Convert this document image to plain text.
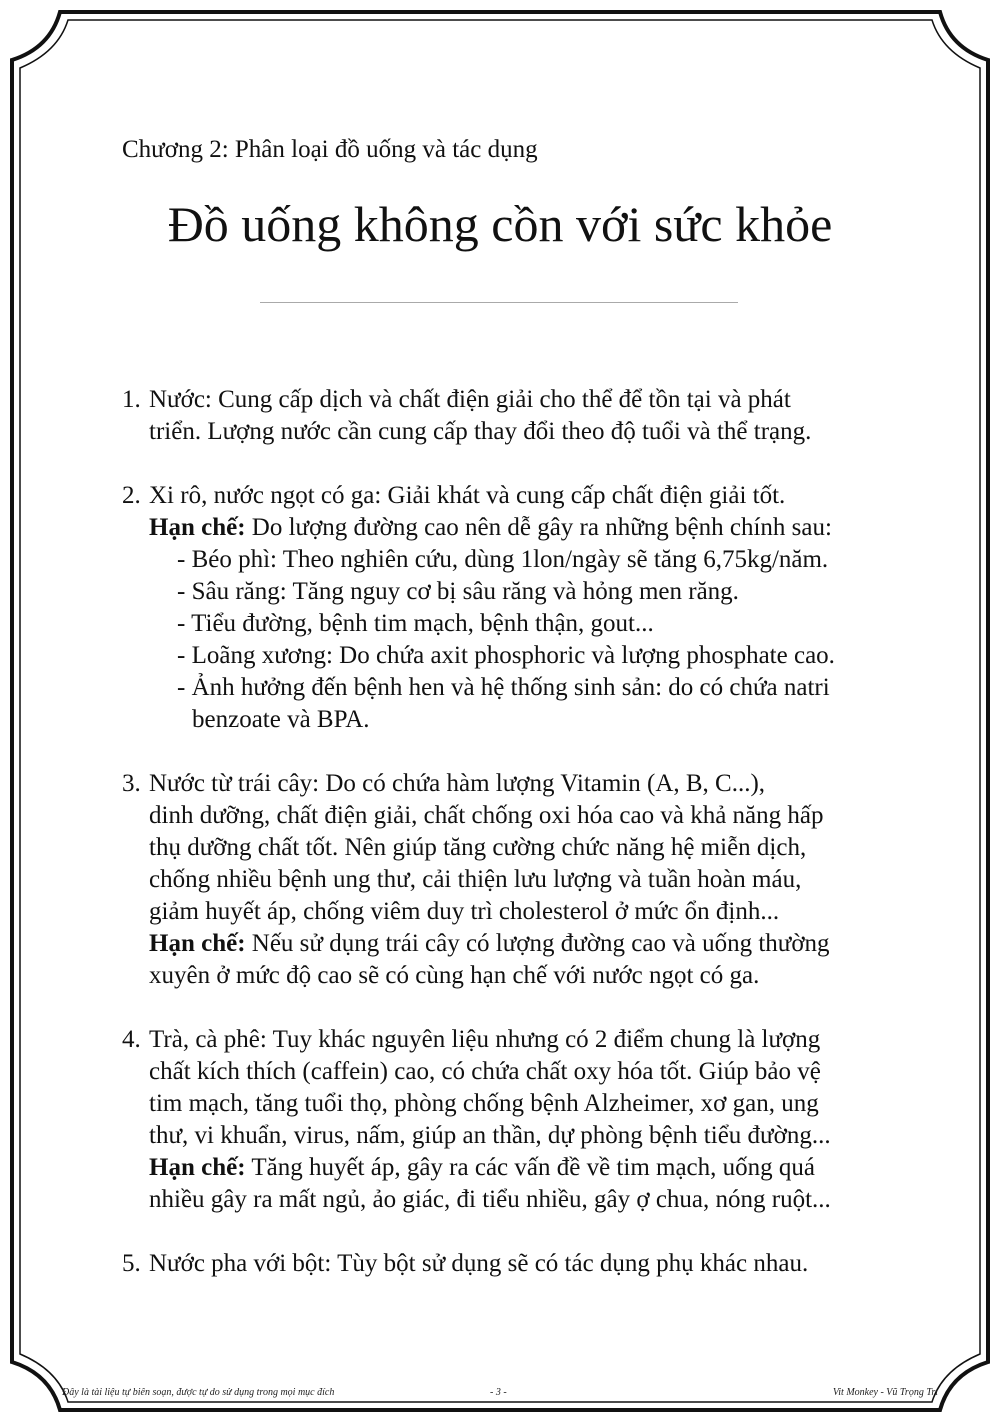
Chương 2: Phân loại đồ uống và tác dụng
Đồ uống không cồn với sức khỏe
1. Nước: Cung cấp dịch và chất điện giải cho thể để tồn tại và phát
triển. Lượng nước cần cung cấp thay đổi theo độ tuổi và thể trạng.
2. Xi rô, nước ngọt có ga: Giải khát và cung cấp chất điện giải tốt.
Hạn chế: Do lượng đường cao nên dễ gây ra những bệnh chính sau:
- Béo phì: Theo nghiên cứu, dùng 1lon/ngày sẽ tăng 6,75kg/năm.
- Sâu răng: Tăng nguy cơ bị sâu răng và hỏng men răng.
- Tiểu đường, bệnh tim mạch, bệnh thận, gout...
- Loãng xương: Do chứa axit phosphoric và lượng phosphate cao.
- Ảnh hưởng đến bệnh hen và hệ thống sinh sản: do có chứa natri
benzoate và BPA.
3. Nước từ trái cây: Do có chứa hàm lượng Vitamin (A, B, C...),
dinh dưỡng, chất điện giải, chất chống oxi hóa cao và khả năng hấp
thụ dưỡng chất tốt. Nên giúp tăng cường chức năng hệ miễn dịch,
chống nhiều bệnh ung thư, cải thiện lưu lượng và tuần hoàn máu,
giảm huyết áp, chống viêm duy trì cholesterol ở mức ổn định...
Hạn chế: Nếu sử dụng trái cây có lượng đường cao và uống thường
xuyên ở mức độ cao sẽ có cùng hạn chế với nước ngọt có ga.
4. Trà, cà phê: Tuy khác nguyên liệu nhưng có 2 điểm chung là lượng
chất kích thích (caffein) cao, có chứa chất oxy hóa tốt. Giúp bảo vệ
tim mạch, tăng tuổi thọ, phòng chống bệnh Alzheimer, xơ gan, ung
thư, vi khuẩn, virus, nấm, giúp an thần, dự phòng bệnh tiểu đường...
Hạn chế: Tăng huyết áp, gây ra các vấn đề về tim mạch, uống quá
nhiều gây ra mất ngủ, ảo giác, đi tiểu nhiều, gây ợ chua, nóng ruột...
5. Nước pha với bột: Tùy bột sử dụng sẽ có tác dụng phụ khác nhau.
Đây là tài liệu tự biên soạn, được tự do sử dụng trong mọi mục đích	- 3 -	Vit Monkey - Vũ Trọng Trí
